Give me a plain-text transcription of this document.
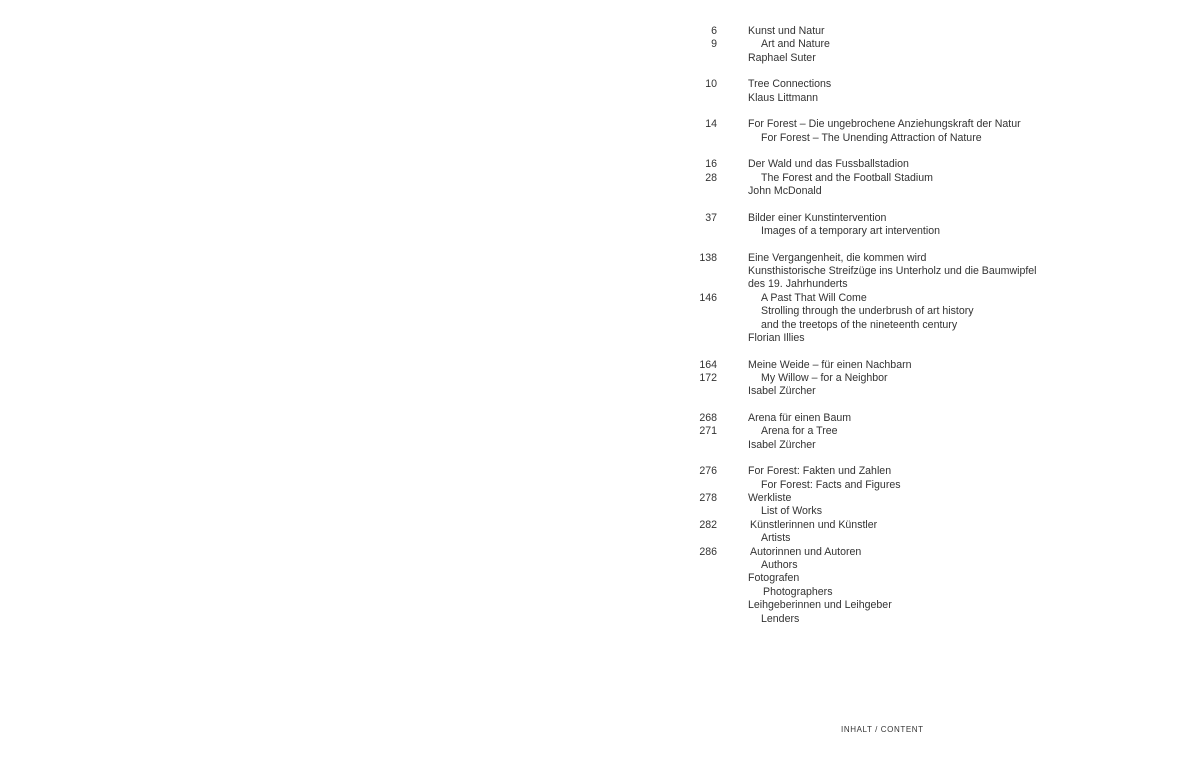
6	Kunst und Natur
9	Art and Nature
Raphael Suter
10	Tree Connections
Klaus Littmann
14	For Forest – Die ungebrochene Anziehungskraft der Natur
For Forest – The Unending Attraction of Nature
16	Der Wald und das Fussballstadion
28	The Forest and the Football Stadium
John McDonald
37	Bilder einer Kunstintervention
Images of a temporary art intervention
138	Eine Vergangenheit, die kommen wird
Kunsthistorische Streifzüge ins Unterholz und die Baumwipfel
des 19. Jahrhunderts
146	A Past That Will Come
Strolling through the underbrush of art history
and the treetops of the nineteenth century
Florian Illies
164	Meine Weide – für einen Nachbarn
172	My Willow – for a Neighbor
Isabel Zürcher
268	Arena für einen Baum
271	Arena for a Tree
Isabel Zürcher
276	For Forest: Fakten und Zahlen
For Forest: Facts and Figures
278	Werkliste
List of Works
282	Künstlerinnen und Künstler
Artists
286	Autorinnen und Autoren
Authors
Fotografen
Photographers
Leihgeberinnen und Leihgeber
Lenders
INHALT / CONTENT
